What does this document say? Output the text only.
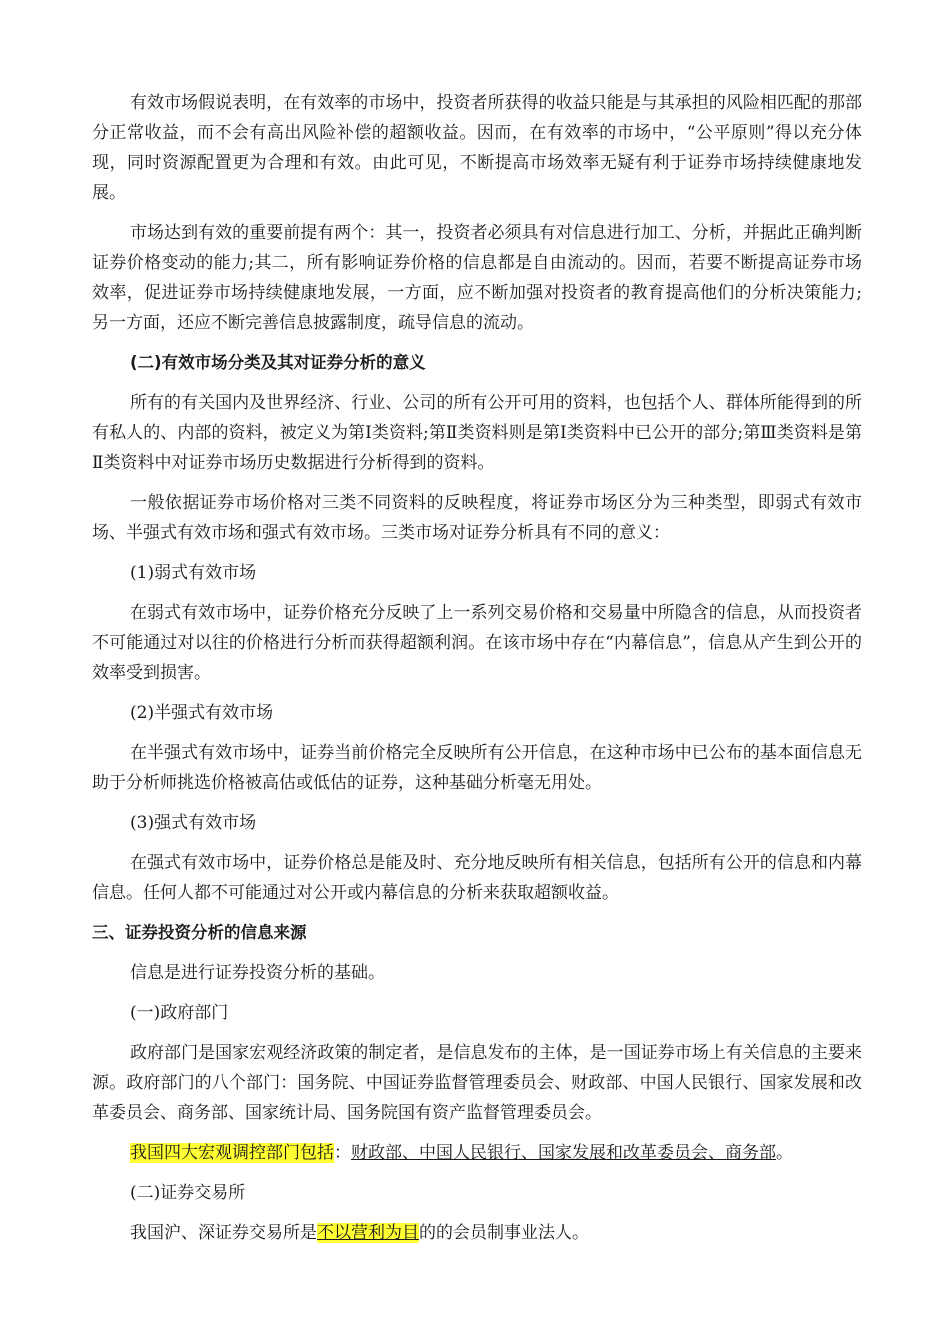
有效市场假说表明，在有效率的市场中，投资者所获得的收益只能是与其承担的风险相匹配的那部分正常收益，而不会有高出风险补偿的超额收益。因而，在有效率的市场中，“公平原则”得以充分体现，同时资源配置更为合理和有效。由此可见，不断提高市场效率无疑有利于证券市场持续健康地发展。

市场达到有效的重要前提有两个：其一，投资者必须具有对信息进行加工、分析，并据此正确判断证券价格变动的能力;其二，所有影响证券价格的信息都是自由流动的。因而，若要不断提高证券市场效率，促进证券市场持续健康地发展，一方面，应不断加强对投资者的教育提高他们的分析决策能力;另一方面，还应不断完善信息披露制度，疏导信息的流动。

(二)有效市场分类及其对证券分析的意义

所有的有关国内及世界经济、行业、公司的所有公开可用的资料，也包括个人、群体所能得到的所有私人的、内部的资料，被定义为第Ⅰ类资料;第Ⅱ类资料则是第Ⅰ类资料中已公开的部分;第Ⅲ类资料是第Ⅱ类资料中对证券市场历史数据进行分析得到的资料。

一般依据证券市场价格对三类不同资料的反映程度，将证券市场区分为三种类型，即弱式有效市场、半强式有效市场和强式有效市场。三类市场对证券分析具有不同的意义：

(1)弱式有效市场

在弱式有效市场中，证券价格充分反映了上一系列交易价格和交易量中所隐含的信息，从而投资者不可能通过对以往的价格进行分析而获得超额利润。在该市场中存在“内幕信息”，信息从产生到公开的效率受到损害。

(2)半强式有效市场

在半强式有效市场中，证券当前价格完全反映所有公开信息，在这种市场中已公布的基本面信息无助于分析师挑选价格被高估或低估的证券，这种基础分析毫无用处。

(3)强式有效市场

在强式有效市场中，证券价格总是能及时、充分地反映所有相关信息，包括所有公开的信息和内幕信息。任何人都不可能通过对公开或内幕信息的分析来获取超额收益。

三、证券投资分析的信息来源

信息是进行证券投资分析的基础。

(一)政府部门

政府部门是国家宏观经济政策的制定者，是信息发布的主体，是一国证券市场上有关信息的主要来源。政府部门的八个部门：国务院、中国证券监督管理委员会、财政部、中国人民银行、国家发展和改革委员会、商务部、国家统计局、国务院国有资产监督管理委员会。

我国四大宏观调控部门包括：财政部、中国人民银行、国家发展和改革委员会、商务部。

(二)证券交易所

我国沪、深证券交易所是不以营利为目的的会员制事业法人。
